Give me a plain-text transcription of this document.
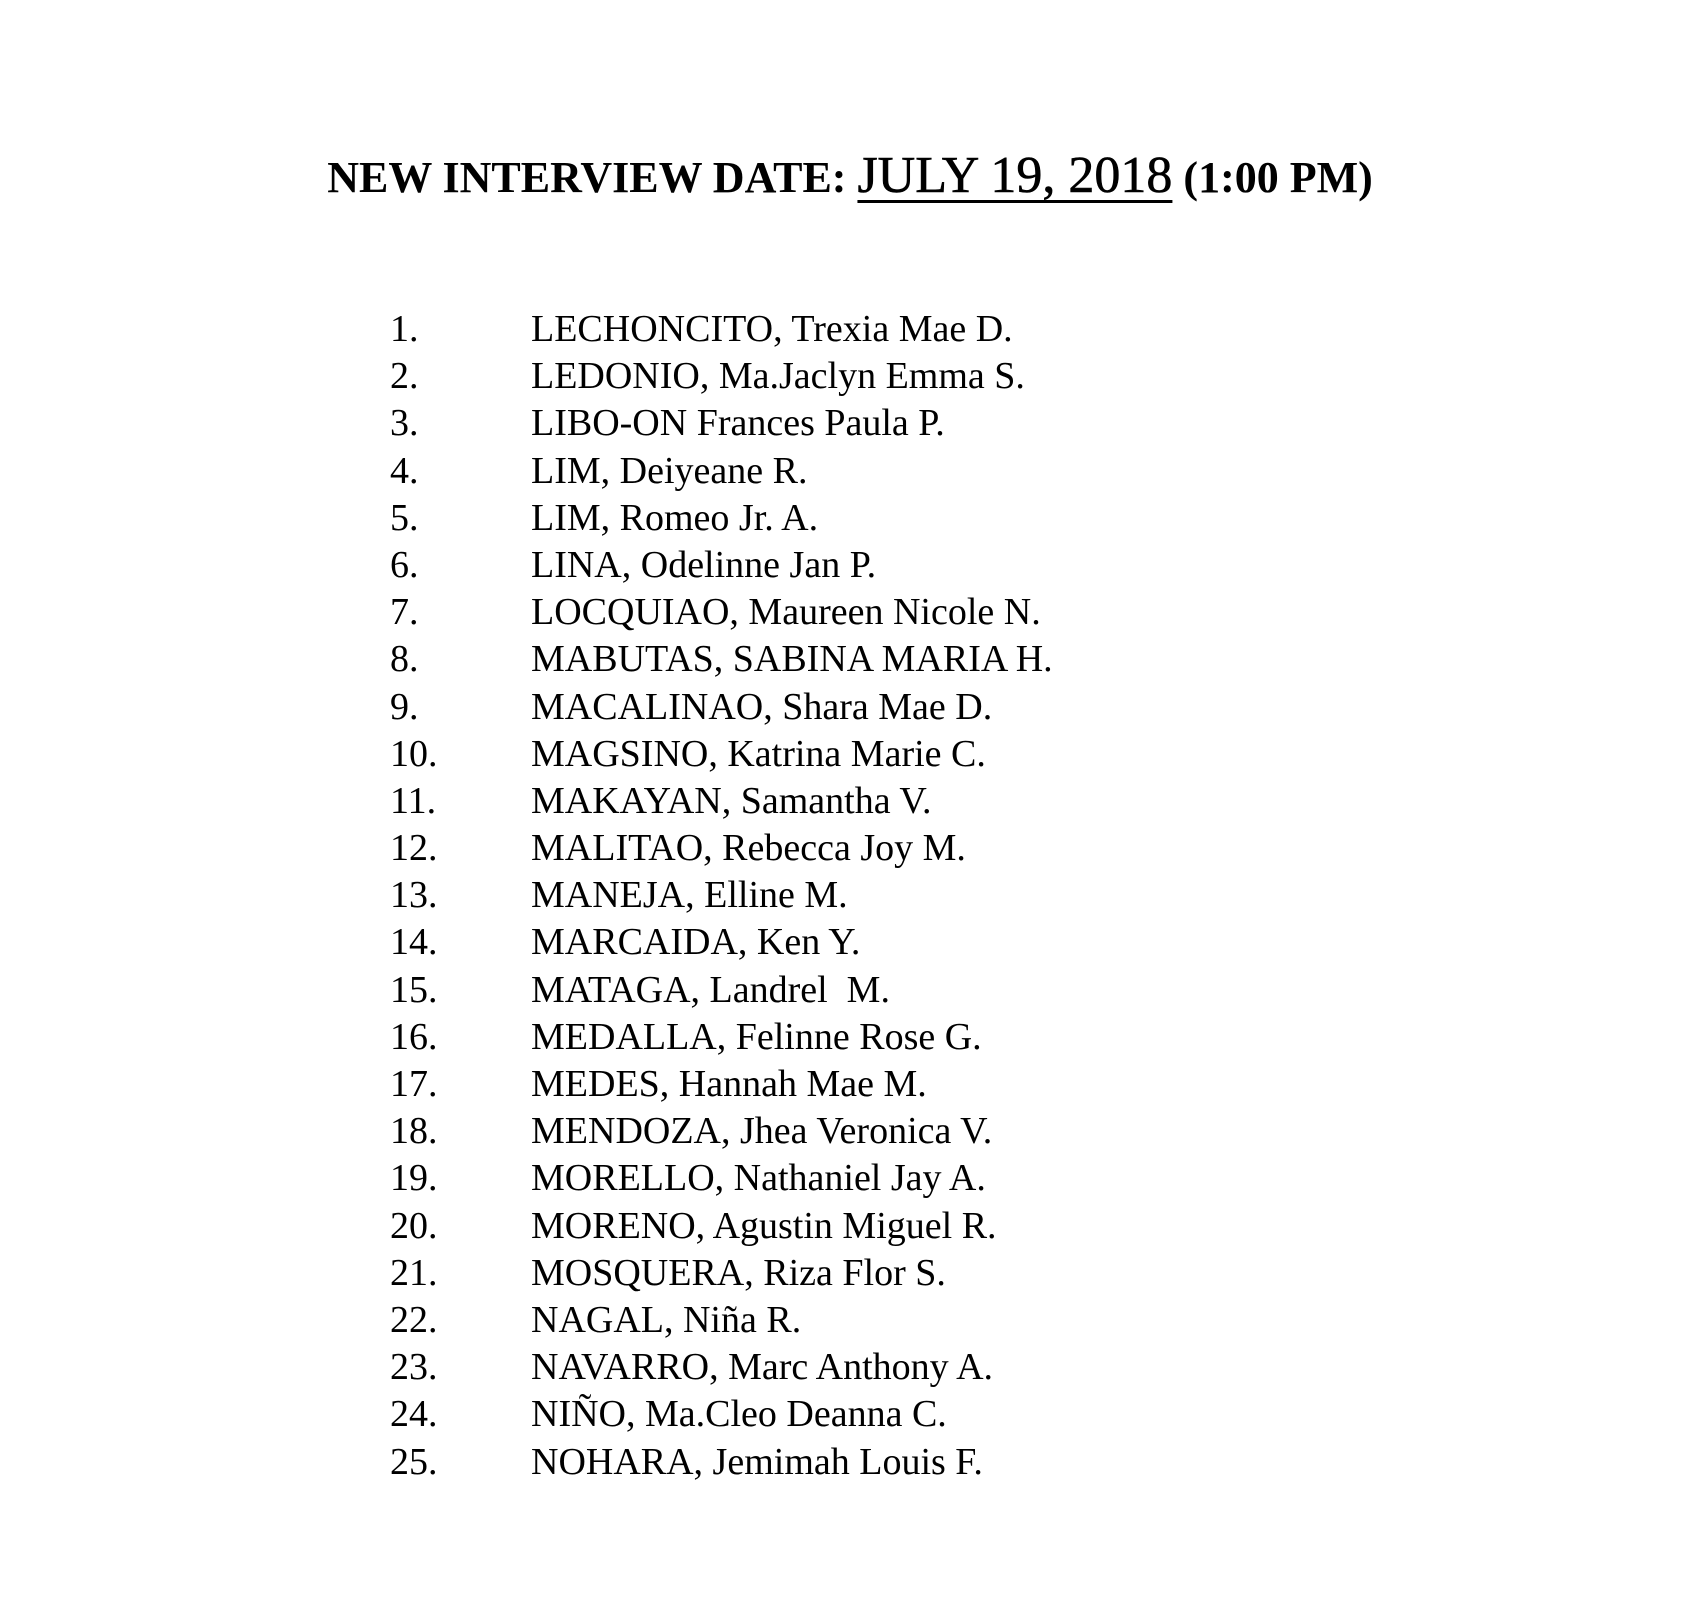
NEW INTERVIEW DATE: JULY 19, 2018 (1:00 PM)
1.	LECHONCITO, Trexia Mae D.
2.	LEDONIO, Ma.Jaclyn Emma S.
3.	LIBO-ON Frances Paula P.
4.	LIM, Deiyeane R.
5.	LIM, Romeo Jr. A.
6.	LINA, Odelinne Jan P.
7.	LOCQUIAO, Maureen Nicole N.
8.	MABUTAS, SABINA MARIA H.
9.	MACALINAO, Shara Mae D.
10.	MAGSINO, Katrina Marie C.
11.	MAKAYAN, Samantha V.
12.	MALITAO, Rebecca Joy M.
13.	MANEJA, Elline M.
14.	MARCAIDA, Ken Y.
15.	MATAGA, Landrel  M.
16.	MEDALLA, Felinne Rose G.
17.	MEDES, Hannah Mae M.
18.	MENDOZA, Jhea Veronica V.
19.	MORELLO, Nathaniel Jay A.
20.	MORENO, Agustin Miguel R.
21.	MOSQUERA, Riza Flor S.
22.	NAGAL, Niña R.
23.	NAVARRO, Marc Anthony A.
24.	NIÑO, Ma.Cleo Deanna C.
25.	NOHARA, Jemimah Louis F.
